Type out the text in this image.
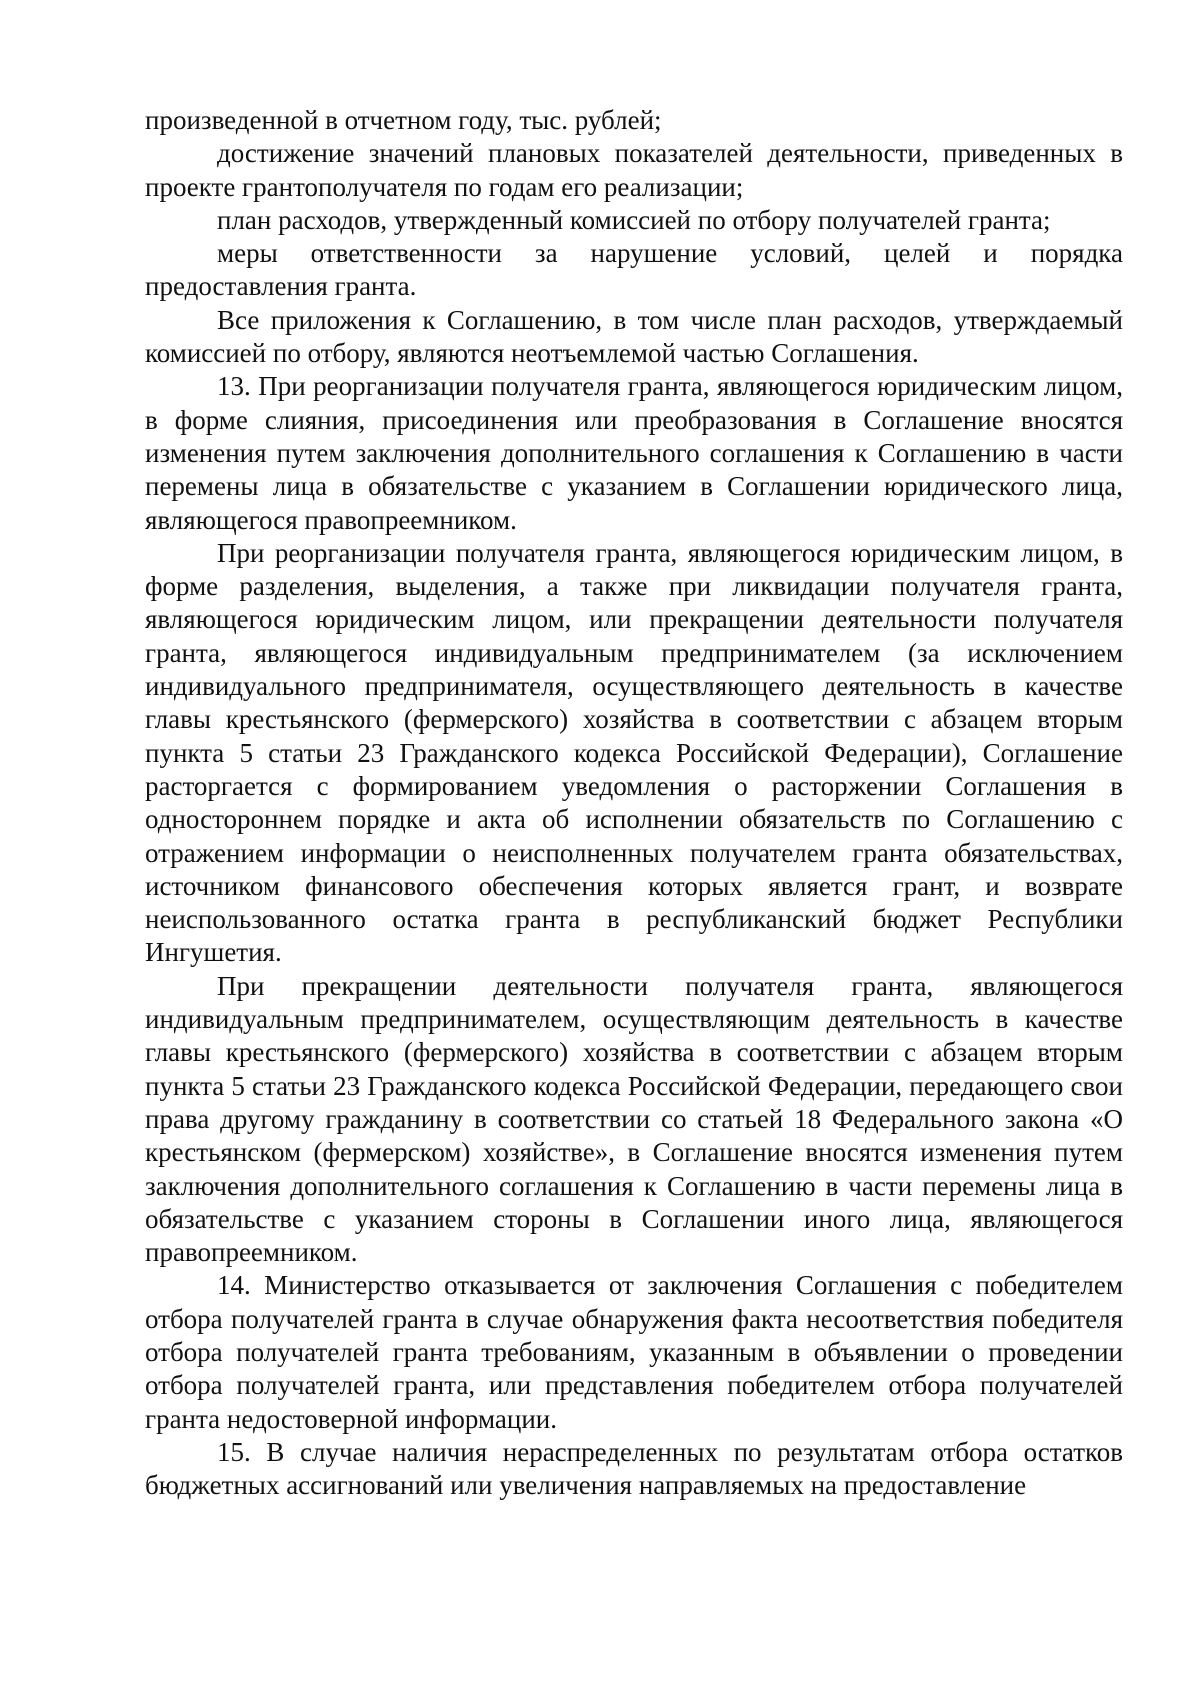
произведенной в отчетном году, тыс. рублей;

достижение значений плановых показателей деятельности, приведенных в проекте грантополучателя по годам его реализации;

план расходов, утвержденный комиссией по отбору получателей гранта;

меры ответственности за нарушение условий, целей и порядка предоставления гранта.

Все приложения к Соглашению, в том числе план расходов, утверждаемый комиссией по отбору, являются неотъемлемой частью Соглашения.

13. При реорганизации получателя гранта, являющегося юридическим лицом, в форме слияния, присоединения или преобразования в Соглашение вносятся изменения путем заключения дополнительного соглашения к Соглашению в части перемены лица в обязательстве с указанием в Соглашении юридического лица, являющегося правопреемником.

При реорганизации получателя гранта, являющегося юридическим лицом, в форме разделения, выделения, а также при ликвидации получателя гранта, являющегося юридическим лицом, или прекращении деятельности получателя гранта, являющегося индивидуальным предпринимателем (за исключением индивидуального предпринимателя, осуществляющего деятельность в качестве главы крестьянского (фермерского) хозяйства в соответствии с абзацем вторым пункта 5 статьи 23 Гражданского кодекса Российской Федерации), Соглашение расторгается с формированием уведомления о расторжении Соглашения в одностороннем порядке и акта об исполнении обязательств по Соглашению с отражением информации о неисполненных получателем гранта обязательствах, источником финансового обеспечения которых является грант, и возврате неиспользованного остатка гранта в республиканский бюджет Республики Ингушетия.

При прекращении деятельности получателя гранта, являющегося индивидуальным предпринимателем, осуществляющим деятельность в качестве главы крестьянского (фермерского) хозяйства в соответствии с абзацем вторым пункта 5 статьи 23 Гражданского кодекса Российской Федерации, передающего свои права другому гражданину в соответствии со статьей 18 Федерального закона «О крестьянском (фермерском) хозяйстве», в Соглашение вносятся изменения путем заключения дополнительного соглашения к Соглашению в части перемены лица в обязательстве с указанием стороны в Соглашении иного лица, являющегося правопреемником.

14. Министерство отказывается от заключения Соглашения с победителем отбора получателей гранта в случае обнаружения факта несоответствия победителя отбора получателей гранта требованиям, указанным в объявлении о проведении отбора получателей гранта, или представления победителем отбора получателей гранта недостоверной информации.

15. В случае наличия нераспределенных по результатам отбора остатков бюджетных ассигнований или увеличения направляемых на предоставление
